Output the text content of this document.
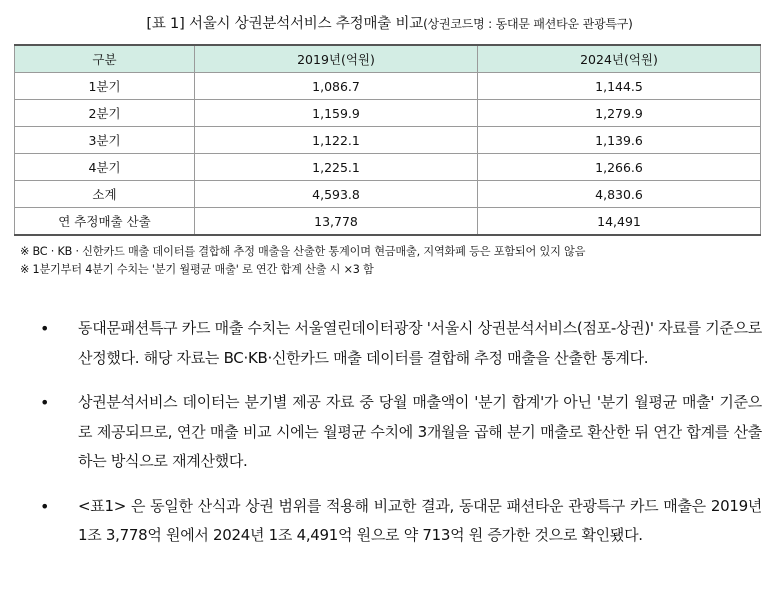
[표 1] 서울시 상권분석서비스 추정매출 비교(상권코드명 : 동대문 패션타운 관광특구)
구분	2019년(억원)	2024년(억원)
1분기	1,086.7	1,144.5
2분기	1,159.9	1,279.9
3분기	1,122.1	1,139.6
4분기	1,225.1	1,266.6
소계	4,593.8	4,830.6
연 추정매출 산출	13,778	14,491
※ BC · KB · 신한카드 매출 데이터를 결합해 추정 매출을 산출한 통계이며 현금매출, 지역화폐 등은 포함되어 있지 않음
※ 1분기부터 4분기 수치는 '분기 월평균 매출' 로 연간 합계 산출 시 ×3 함
• 동대문패션특구 카드 매출 수치는 서울열린데이터광장 '서울시 상권분석서비스(점포-상권)' 자료를 기준으로 산정했다. 해당 자료는 BC·KB·신한카드 매출 데이터를 결합해 추정 매출을 산출한 통계다.
• 상권분석서비스 데이터는 분기별 제공 자료 중 당월 매출액이 '분기 합계'가 아닌 '분기 월평균 매출' 기준으로 제공되므로, 연간 매출 비교 시에는 월평균 수치에 3개월을 곱해 분기 매출로 환산한 뒤 연간 합계를 산출하는 방식으로 재계산했다.
• <표1> 은 동일한 산식과 상권 범위를 적용해 비교한 결과, 동대문 패션타운 관광특구 카드 매출은 2019년 1조 3,778억 원에서 2024년 1조 4,491억 원으로 약 713억 원 증가한 것으로 확인됐다.
